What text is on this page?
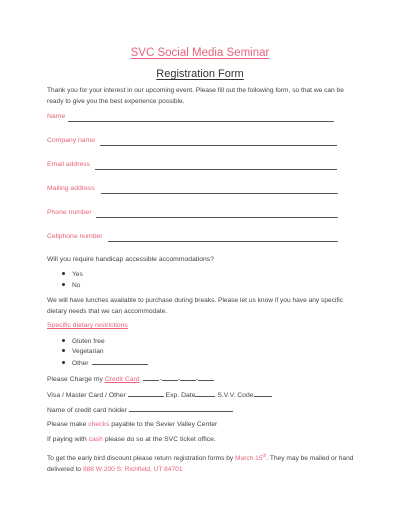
SVC Social Media Seminar
Registration Form
Thank you for your interest in our upcoming event. Please fill out the following form, so that we can be ready to give you the best experience possible.
Name
Company name
Email address
Mailing address
Phone number
Cellphone number
Will you require handicap accessible accommodations?
Yes
No
We will have lunches available to purchase during breaks. Please let us know if you have any specific dietary needs that we can accommodate.
Specific dietary restrictions
Gluten free
Vegetarian
Other
Please Charge my Credit Card	- - -
Visa / Master Card / Other	Exp. Date	S.V.V. Code
Name of credit card holder
Please make checks payable to the Sevier Valley Center
If paying with cash please do so at the SVC ticket office.
To get the early bird discount please return registration forms by March 15th. They may be mailed or hand delivered to 888 W 200 S. Richfield, UT 84701
